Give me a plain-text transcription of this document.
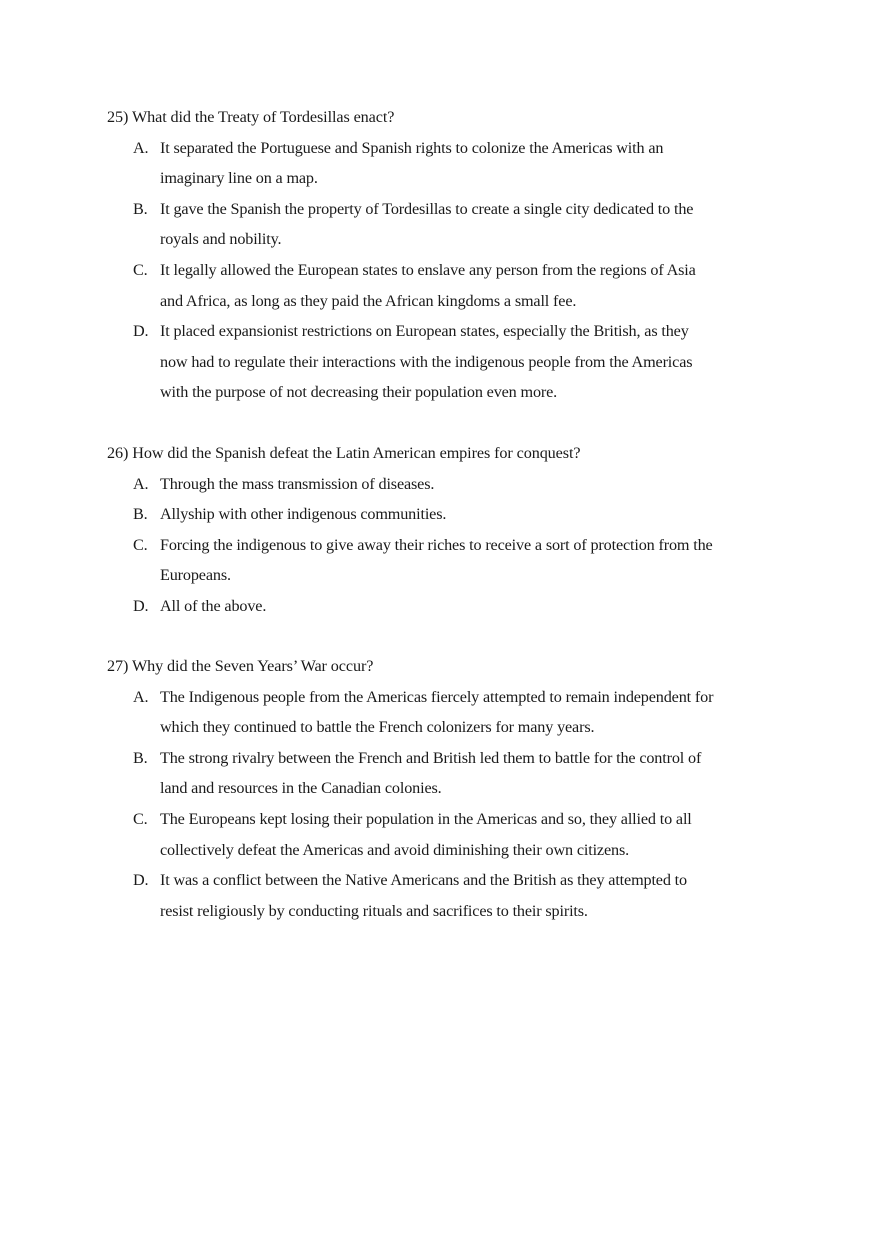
25) What did the Treaty of Tordesillas enact?
A. It separated the Portuguese and Spanish rights to colonize the Americas with an
imaginary line on a map.
B. It gave the Spanish the property of Tordesillas to create a single city dedicated to the
royals and nobility.
C. It legally allowed the European states to enslave any person from the regions of Asia
and Africa, as long as they paid the African kingdoms a small fee.
D. It placed expansionist restrictions on European states, especially the British, as they
now had to regulate their interactions with the indigenous people from the Americas
with the purpose of not decreasing their population even more.
26) How did the Spanish defeat the Latin American empires for conquest?
A. Through the mass transmission of diseases.
B. Allyship with other indigenous communities.
C. Forcing the indigenous to give away their riches to receive a sort of protection from the
Europeans.
D. All of the above.
27) Why did the Seven Years’ War occur?
A. The Indigenous people from the Americas fiercely attempted to remain independent for
which they continued to battle the French colonizers for many years.
B. The strong rivalry between the French and British led them to battle for the control of
land and resources in the Canadian colonies.
C. The Europeans kept losing their population in the Americas and so, they allied to all
collectively defeat the Americas and avoid diminishing their own citizens.
D. It was a conflict between the Native Americans and the British as they attempted to
resist religiously by conducting rituals and sacrifices to their spirits.
